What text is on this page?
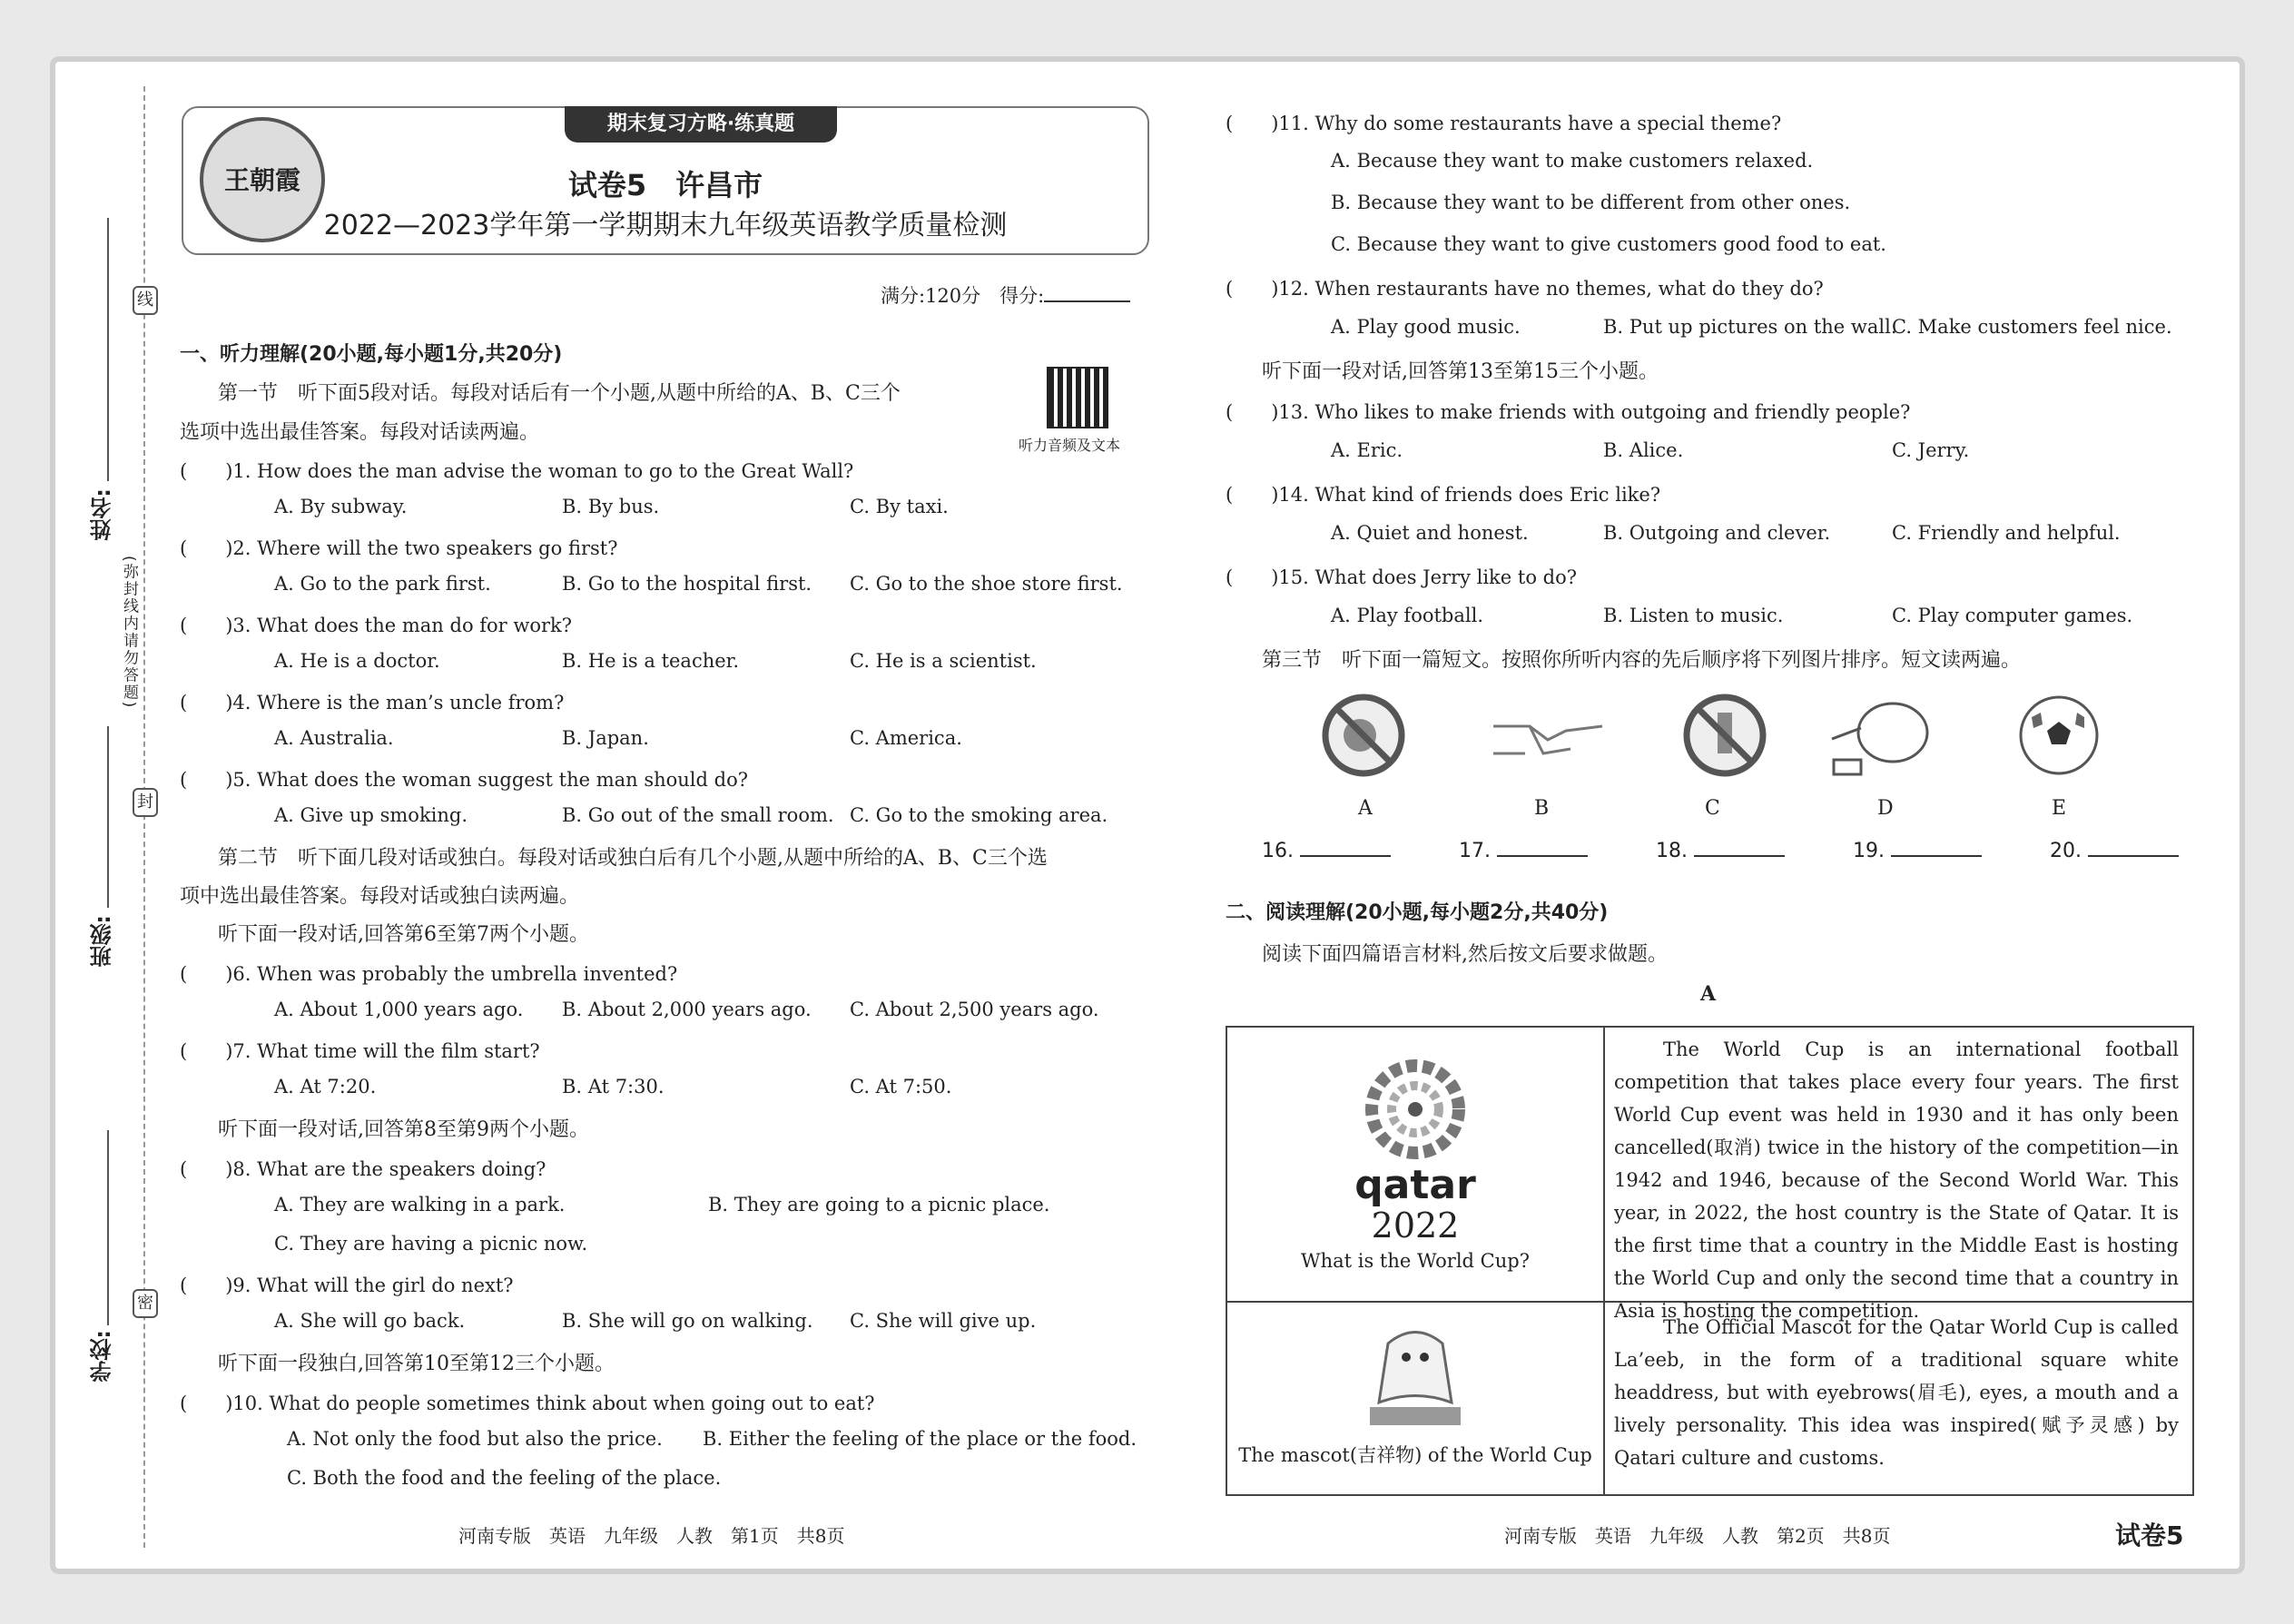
线
封
密
姓名:
班级:
学校:
(弥封线内请勿答题)
期末复习方略·练真题
王朝霞	试卷5　许昌市
2022—2023学年第一学期期末九年级英语教学质量检测
满分:120分　得分:
一、听力理解(20小题,每小题1分,共20分)
第一节　听下面5段对话。每段对话后有一个小题,从题中所给的A、B、C三个
选项中选出最佳答案。每段对话读两遍。
听力音频及文本
(　　)1. How does the man advise the woman to go to the Great Wall?
A. By subway.	B. By bus.	C. By taxi.
(　　)2. Where will the two speakers go first?
A. Go to the park first.	B. Go to the hospital first. C. Go to the shoe store first.
(　　)3. What does the man do for work?
A. He is a doctor.	B. He is a teacher.	C. He is a scientist.
(　　)4. Where is the man’s uncle from?
A. Australia.	B. Japan.	C. America.
(　　)5. What does the woman suggest the man should do?
A. Give up smoking.	B. Go out of the small room. C. Go to the smoking area.
第二节　听下面几段对话或独白。每段对话或独白后有几个小题,从题中所给的A、B、C三个选
项中选出最佳答案。每段对话或独白读两遍。
听下面一段对话,回答第6至第7两个小题。
(　　)6. When was probably the umbrella invented?
A. About 1,000 years ago. B. About 2,000 years ago. C. About 2,500 years ago.
(　　)7. What time will the film start?
A. At 7:20.	B. At 7:30.	C. At 7:50.
听下面一段对话,回答第8至第9两个小题。
(　　)8. What are the speakers doing?
A. They are walking in a park.	B. They are going to a picnic place.
C. They are having a picnic now.
(　　)9. What will the girl do next?
A. She will go back.	B. She will go on walking. C. She will give up.
听下面一段独白,回答第10至第12三个小题。
(　　)10. What do people sometimes think about when going out to eat?
A. Not only the food but also the price. B. Either the feeling of the place or the food.
C. Both the food and the feeling of the place.
(　　)11. Why do some restaurants have a special theme?
A. Because they want to make customers relaxed.
B. Because they want to be different from other ones.
C. Because they want to give customers good food to eat.
(　　)12. When restaurants have no themes, what do they do?
A. Play good music.	B. Put up pictures on the wall.
C. Make customers feel nice.
听下面一段对话,回答第13至第15三个小题。
(　　)13. Who likes to make friends with outgoing and friendly people?
A. Eric.	B. Alice.	C. Jerry.
(　　)14. What kind of friends does Eric like?
A. Quiet and honest.	B. Outgoing and clever.	C. Friendly and helpful.
(　　)15. What does Jerry like to do?
A. Play football.	B. Listen to music.	C. Play computer games.
第三节　听下面一篇短文。按照你所听内容的先后顺序将下列图片排序。短文读两遍。
A	B	C	D	E
16.	17.	18.	19.	20.
二、阅读理解(20小题,每小题2分,共40分)
阅读下面四篇语言材料,然后按文后要求做题。
A
qatar
2022
What is the World Cup?
The mascot(吉祥物) of the World Cup
The World Cup is an international football competition that takes place every four years. The first World Cup event was held in 1930 and it has only been cancelled(取消) twice in the history of the competition—in 1942 and 1946, because of the Second World War. This year, in 2022, the host country is the State of Qatar. It is the first time that a country in the Middle East is hosting the World Cup and only the second time that a country in Asia is hosting the competition.
The Official Mascot for the Qatar World Cup is called La’eeb, in the form of a traditional square white headdress, but with eyebrows(眉毛), eyes, a mouth and a lively personality. This idea was inspired(赋予灵感) by Qatari culture and customs.
河南专版　英语　九年级　人教　第1页　共8页	河南专版　英语　九年级　人教　第2页　共8页	试卷5
